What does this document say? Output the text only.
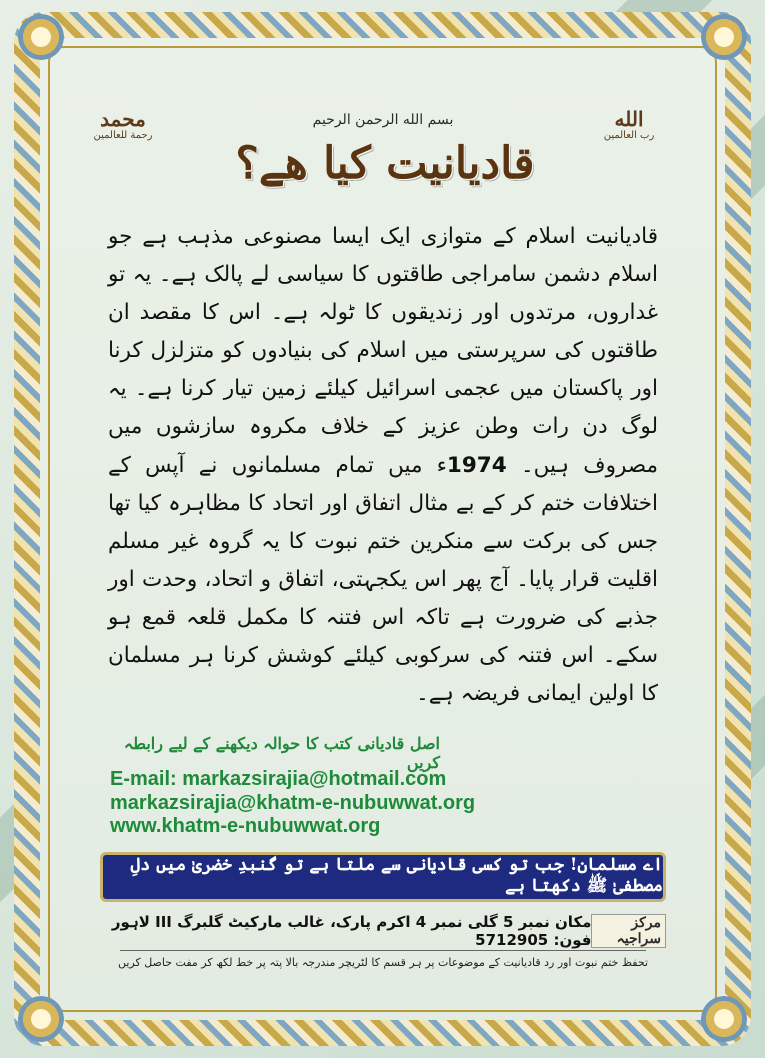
محمد
رحمة للعالمين
بسم الله الرحمن الرحيم	الله
رب العالمين
قادیانیت کیا ھے؟
قادیانیت اسلام کے متوازی ایک ایسا مصنوعی مذہب ہے جو اسلام دشمن سامراجی طاقتوں کا سیاسی لے پالک ہے۔ یہ تو غداروں، مرتدوں اور زندیقوں کا ٹولہ ہے۔ اس کا مقصد ان طاقتوں کی سرپرستی میں اسلام کی بنیادوں کو متزلزل کرنا اور پاکستان میں عجمی اسرائیل کیلئے زمین تیار کرنا ہے۔ یہ لوگ دن رات وطن عزیز کے خلاف مکروہ سازشوں میں مصروف ہیں۔ 1974ء میں تمام مسلمانوں نے آپس کے اختلافات ختم کر کے بے مثال اتفاق اور اتحاد کا مظاہرہ کیا تھا جس کی برکت سے منکرین ختم نبوت کا یہ گروہ غیر مسلم اقلیت قرار پایا۔ آج پھر اس یکجہتی، اتفاق و اتحاد، وحدت اور جذبے کی ضرورت ہے تاکہ اس فتنہ کا مکمل قلعہ قمع ہو سکے۔ اس فتنہ کی سرکوبی کیلئے کوشش کرنا ہر مسلمان کا اولین ایمانی فریضہ ہے۔
اصل قادیانی کتب کا حوالہ دیکھنے کے لیے رابطہ کریں
E-mail: markazsirajia@hotmail.com
markazsirajia@khatm-e-nubuwwat.org
www.khatm-e-nubuwwat.org
اے مسلمان! جب تو کسی قادیانی سے ملتا ہے تو گنبدِ خضریٰ میں دلِ مصطفیٰ ﷺ دکھتا ہے
مرکز سراجیہ
مکان نمبر 5 گلی نمبر 4 اکرم پارک، غالب مارکیٹ گلبرگ III لاہور فون: 5712905
تحفظ ختم نبوت اور رد قادیانیت کے موضوعات پر ہر قسم کا لٹریچر مندرجہ بالا پتہ پر خط لکھ کر مفت حاصل کریں
